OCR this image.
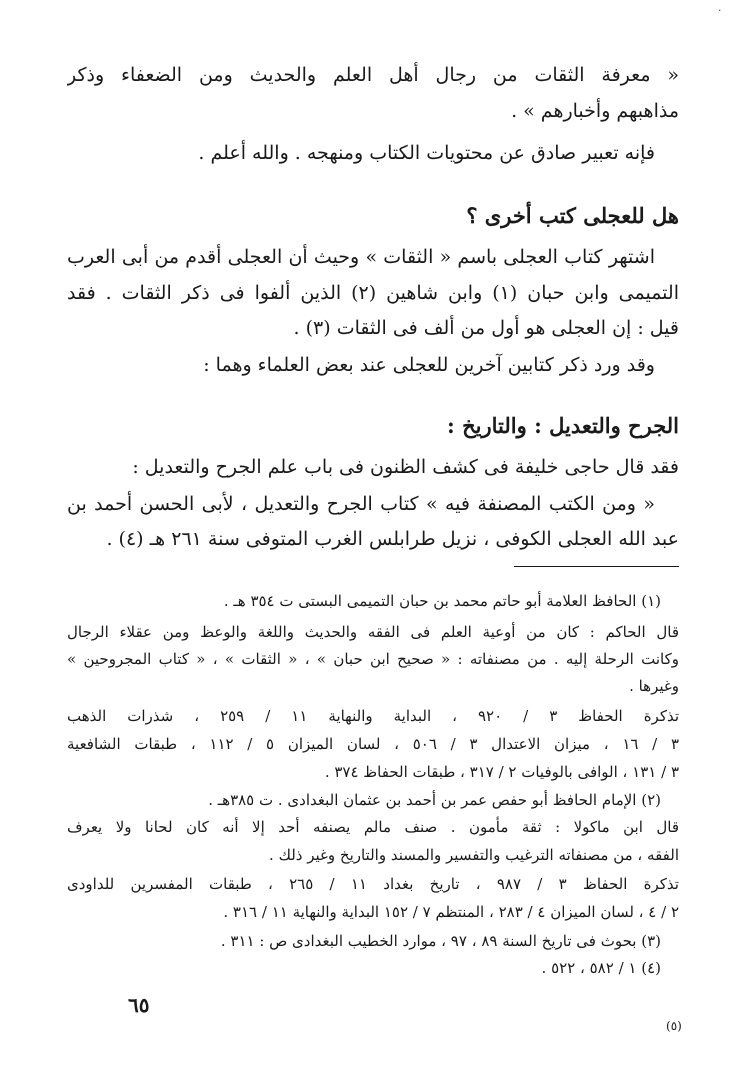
·
« معرفة الثقات من رجال أهل العلم والحديث ومن الضعفاء وذكر
مذاهبهم وأخبارهم » .
فإنه تعبير صادق عن محتويات الكتاب ومنهجه . والله أعلم .
هل للعجلى كتب أخرى ؟
اشتهر كتاب العجلى باسم « الثقات » وحيث أن العجلى أقدم من أبى العرب
التميمى وابن حبان (١) وابن شاهين (٢) الذين ألفوا فى ذكر الثقات . فقد
قيل : إن العجلى هو أول من ألف فى الثقات (٣) .
وقد ورد ذكر كتابين آخرين للعجلى عند بعض العلماء وهما :
الجرح والتعديل : والتاريخ :
فقد قال حاجى خليفة فى كشف الظنون فى باب علم الجرح والتعديل :
« ومن الكتب المصنفة فيه » كتاب الجرح والتعديل ، لأبى الحسن أحمد بن
عبد الله العجلى الكوفى ، نزيل طرابلس الغرب المتوفى سنة ٢٦١ هـ (٤) .
(١) الحافظ العلامة أبو حاتم محمد بن حبان التميمى البستى ت ٣٥٤ هـ .
قال الحاكم : كان من أوعية العلم فى الفقه والحديث واللغة والوعظ ومن عقلاء الرجال
وكانت الرحلة إليه . من مصنفاته : « صحيح ابن حبان » ، « الثقات » ، « كتاب المجروحين »
وغيرها .
تذكرة الحفاظ ٣ / ٩٢٠ ، البداية والنهاية ١١ / ٢٥٩ ، شذرات الذهب
٣ / ١٦ ، ميزان الاعتدال ٣ / ٥٠٦ ، لسان الميزان ٥ / ١١٢ ، طبقات الشافعية
٣ / ١٣١ ، الوافى بالوفيات ٢ / ٣١٧ ، طبقات الحفاظ ٣٧٤ .
(٢) الإمام الحافظ أبو حفص عمر بن أحمد بن عثمان البغدادى . ت ٣٨٥هـ .
قال ابن ماكولا : ثقة مأمون . صنف مالم يصنفه أحد إلا أنه كان لحانا ولا يعرف
الفقه ، من مصنفاته الترغيب والتفسير والمسند والتاريخ وغير ذلك .
تذكرة الحفاظ ٣ / ٩٨٧ ، تاريخ بغداد ١١ / ٢٦٥ ، طبقات المفسرين للداودى
٢ / ٤ ، لسان الميزان ٤ / ٢٨٣ ، المنتظم ٧ / ١٥٢ البداية والنهاية ١١ / ٣١٦ .
(٣) بحوث فى تاريخ السنة ٨٩ ، ٩٧ ، موارد الخطيب البغدادى ص : ٣١١ .
(٤) ١ / ٥٨٢ ، ٥٢٢ .
٦٥
(٥)
